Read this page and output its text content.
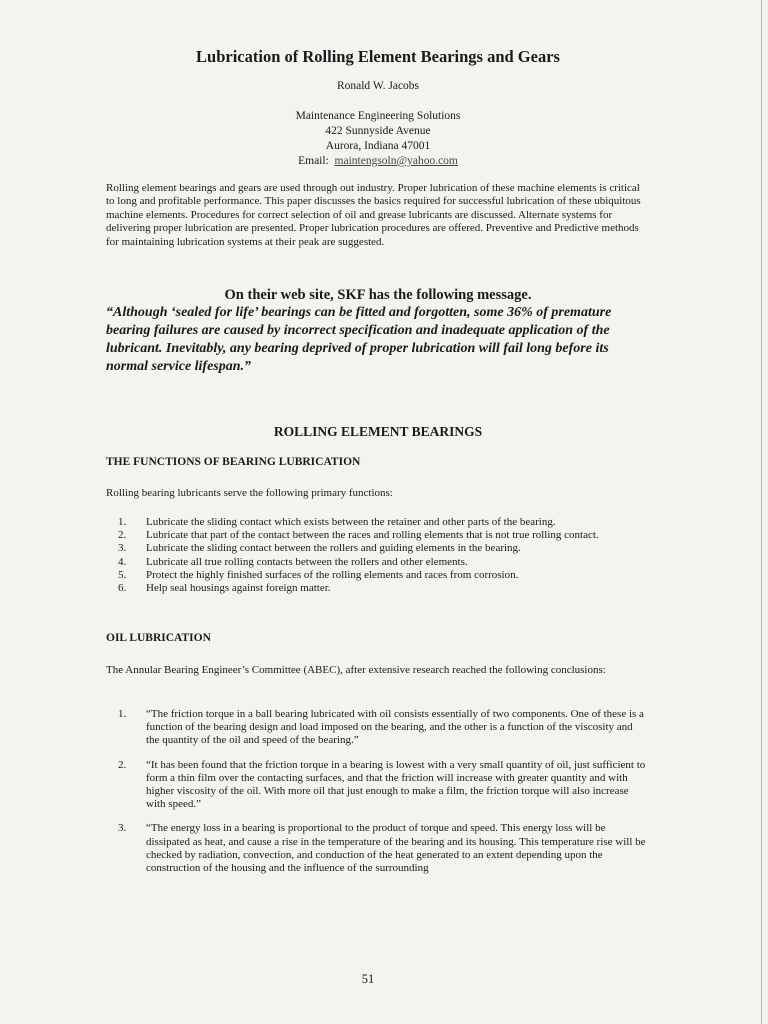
Lubrication of Rolling Element Bearings and Gears
Ronald W. Jacobs
Maintenance Engineering Solutions
422 Sunnyside Avenue
Aurora, Indiana 47001
Email: maintengsoln@yahoo.com
Rolling element bearings and gears are used through out industry. Proper lubrication of these machine elements is critical to long and profitable performance. This paper discusses the basics required for successful lubrication of these ubiquitous machine elements. Procedures for correct selection of oil and grease lubricants are discussed. Alternate systems for delivering proper lubrication are presented. Proper lubrication procedures are offered. Preventive and Predictive methods for maintaining lubrication systems at their peak are suggested.
On their web site, SKF has the following message.
“Although ‘sealed for life’ bearings can be fitted and forgotten, some 36% of premature bearing failures are caused by incorrect specification and inadequate application of the lubricant. Inevitably, any bearing deprived of proper lubrication will fail long before its normal service lifespan.”
ROLLING ELEMENT BEARINGS
THE FUNCTIONS OF BEARING LUBRICATION
Rolling bearing lubricants serve the following primary functions:
1. Lubricate the sliding contact which exists between the retainer and other parts of the bearing.
2. Lubricate that part of the contact between the races and rolling elements that is not true rolling contact.
3. Lubricate the sliding contact between the rollers and guiding elements in the bearing.
4. Lubricate all true rolling contacts between the rollers and other elements.
5. Protect the highly finished surfaces of the rolling elements and races from corrosion.
6. Help seal housings against foreign matter.
OIL LUBRICATION
The Annular Bearing Engineer’s Committee (ABEC), after extensive research reached the following conclusions:
1. “The friction torque in a ball bearing lubricated with oil consists essentially of two components. One of these is a function of the bearing design and load imposed on the bearing, and the other is a function of the viscosity and the quantity of the oil and speed of the bearing.”
2. “It has been found that the friction torque in a bearing is lowest with a very small quantity of oil, just sufficient to form a thin film over the contacting surfaces, and that the friction will increase with greater quantity and with higher viscosity of the oil. With more oil that just enough to make a film, the friction torque will also increase with speed.”
3. “The energy loss in a bearing is proportional to the product of torque and speed. This energy loss will be dissipated as heat, and cause a rise in the temperature of the bearing and its housing. This temperature rise will be checked by radiation, convection, and conduction of the heat generated to an extent depending upon the construction of the housing and the influence of the surrounding
51
